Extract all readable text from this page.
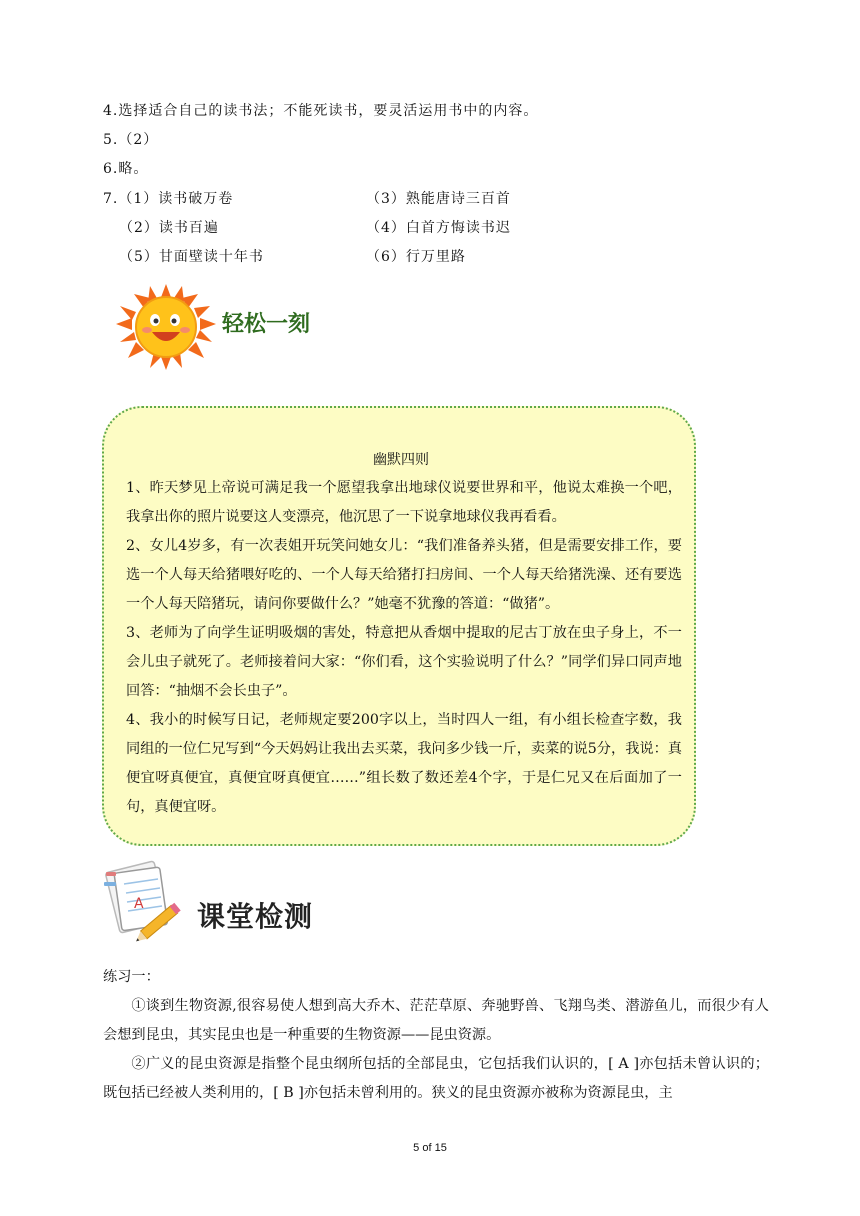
4.选择适合自己的读书法；不能死读书，要灵活运用书中的内容。
5.（2）
6.略。
7.（1）读书破万卷	（3）熟能唐诗三百首
（2）读书百遍	（4）白首方悔读书迟
（5）甘面壁读十年书	（6）行万里路
轻松一刻
幽默四则

1、昨天梦见上帝说可满足我一个愿望我拿出地球仪说要世界和平，他说太难换一个吧，我拿出你的照片说要这人变漂亮，他沉思了一下说拿地球仪我再看看。

2、女儿4岁多，有一次表姐开玩笑问她女儿：“我们准备养头猪，但是需要安排工作，要选一个人每天给猪喂好吃的、一个人每天给猪打扫房间、一个人每天给猪洗澡、还有要选一个人每天陪猪玩，请问你要做什么？”她毫不犹豫的答道：“做猪”。

3、老师为了向学生证明吸烟的害处，特意把从香烟中提取的尼古丁放在虫子身上，不一会儿虫子就死了。老师接着问大家：“你们看，这个实验说明了什么？”同学们异口同声地回答：“抽烟不会长虫子”。

4、我小的时候写日记，老师规定要200字以上，当时四人一组，有小组长检查字数，我同组的一位仁兄写到“今天妈妈让我出去买菜，我问多少钱一斤，卖菜的说5分，我说：真便宜呀真便宜，真便宜呀真便宜……”组长数了数还差4个字，于是仁兄又在后面加了一句，真便宜呀。

A 课堂检测

练习一：

①谈到生物资源,很容易使人想到高大乔木、茫茫草原、奔驰野兽、飞翔鸟类、潜游鱼儿，而很少有人会想到昆虫，其实昆虫也是一种重要的生物资源——昆虫资源。

②广义的昆虫资源是指整个昆虫纲所包括的全部昆虫，它包括我们认识的，[ A ]亦包括未曾认识的；既包括已经被人类利用的，[ B ]亦包括未曾利用的。狭义的昆虫资源亦被称为资源昆虫，主

5 of 15
